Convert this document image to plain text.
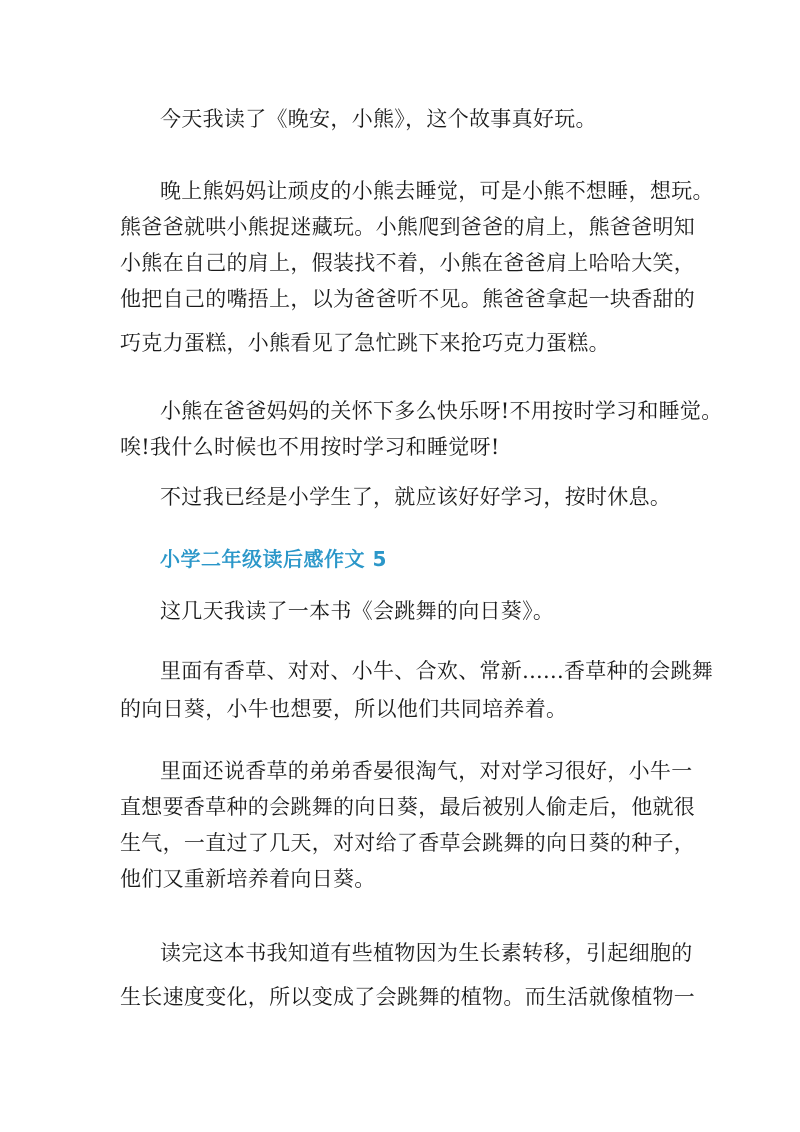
今天我读了《晚安，小熊》，这个故事真好玩。
晚上熊妈妈让顽皮的小熊去睡觉，可是小熊不想睡，想玩。
熊爸爸就哄小熊捉迷藏玩。小熊爬到爸爸的肩上，熊爸爸明知
小熊在自己的肩上，假装找不着，小熊在爸爸肩上哈哈大笑，
他把自己的嘴捂上，以为爸爸听不见。熊爸爸拿起一块香甜的
巧克力蛋糕，小熊看见了急忙跳下来抢巧克力蛋糕。
小熊在爸爸妈妈的关怀下多么快乐呀!不用按时学习和睡觉。
唉!我什么时候也不用按时学习和睡觉呀!
不过我已经是小学生了，就应该好好学习，按时休息。
小学二年级读后感作文 5
这几天我读了一本书《会跳舞的向日葵》。
里面有香草、对对、小牛、合欢、常新......香草种的会跳舞
的向日葵，小牛也想要，所以他们共同培养着。
里面还说香草的弟弟香晏很淘气，对对学习很好，小牛一
直想要香草种的会跳舞的向日葵，最后被别人偷走后，他就很
生气，一直过了几天，对对给了香草会跳舞的向日葵的种子，
他们又重新培养着向日葵。
读完这本书我知道有些植物因为生长素转移，引起细胞的
生长速度变化，所以变成了会跳舞的植物。而生活就像植物一
